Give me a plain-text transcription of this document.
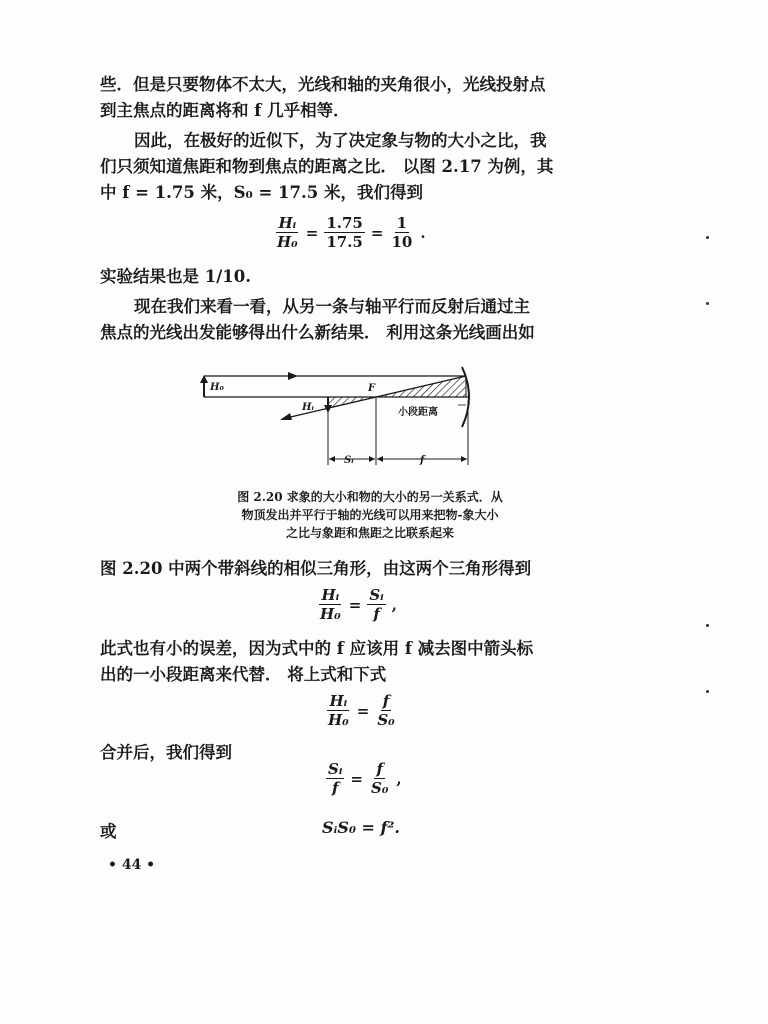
些．但是只要物体不太大，光线和轴的夹角很小，光线投射点
到主焦点的距离将和 f 几乎相等．

因此，在极好的近似下，为了决定象与物的大小之比，我
们只须知道焦距和物到焦点的距离之比． 以图 2.17 为例，其
中 f = 1.75 米，S₀ = 17.5 米，我们得到

$\frac{\text{Hᵢ}}{\text{H₀}} = \frac{1.75}{17.5} = \frac{1}{10}$ .

实验结果也是 1/10.

现在我们来看一看，从另一条与轴平行而反射后通过主
焦点的光线出发能够得出什么新结果． 利用这条光线画出如

H₀
Hᵢ
F
小段距离
Sᵢ	f
图 2.20 求象的大小和物的大小的另一关系式．从
物顶发出并平行于轴的光线可以用来把物-象大小
之比与象距和焦距之比联系起来

图 2.20 中两个带斜线的相似三角形，由这两个三角形得到

$\frac{\text{Hᵢ}}{\text{H₀}} = \frac{\text{Sᵢ}}{f}$ ,

此式也有小的误差，因为式中的 f 应该用 f 减去图中箭头标
出的一小段距离来代替． 将上式和下式

$\frac{\text{Hᵢ}}{\text{H₀}} = \frac{f}{\text{S₀}}$

合并后，我们得到

$\frac{\text{Sᵢ}}{f} = \frac{f}{\text{S₀}}$ ,
或	SᵢS₀ = f².
• 44 •
